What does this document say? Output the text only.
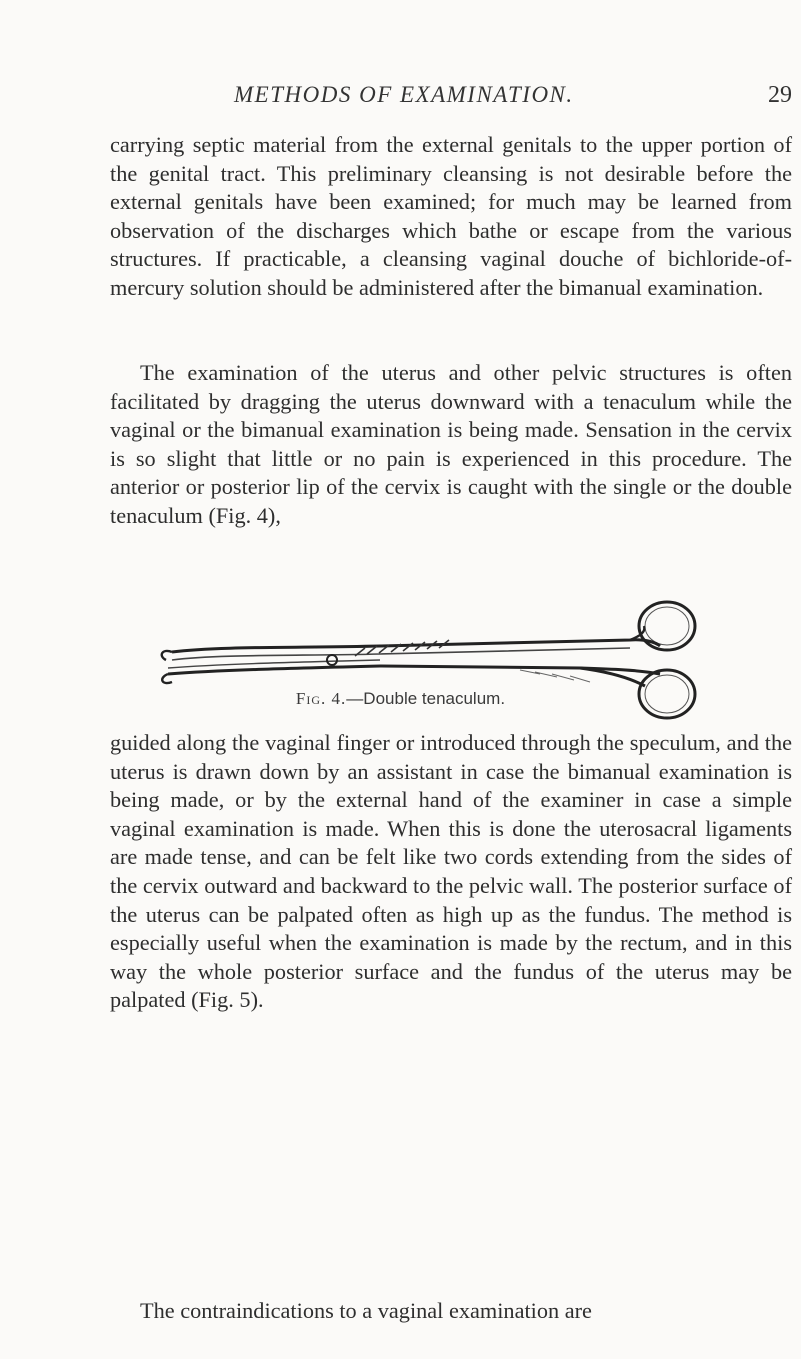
METHODS OF EXAMINATION.	29

carrying septic material from the external genitals to the upper portion of the genital tract. This preliminary cleansing is not desirable before the external genitals have been examined; for much may be learned from observation of the discharges which bathe or escape from the various structures. If practicable, a cleansing vaginal douche of bichloride-of-mercury solution should be administered after the bimanual examination.

The examination of the uterus and other pelvic structures is often facilitated by dragging the uterus downward with a tenaculum while the vaginal or the bimanual examination is being made. Sensation in the cervix is so slight that little or no pain is experienced in this procedure. The anterior or posterior lip of the cervix is caught with the single or the double tenaculum (Fig. 4),

Fig. 4.—Double tenaculum.

guided along the vaginal finger or introduced through the speculum, and the uterus is drawn down by an assistant in case the bimanual examination is being made, or by the external hand of the examiner in case a simple vaginal examination is made. When this is done the uterosacral ligaments are made tense, and can be felt like two cords extending from the sides of the cervix outward and backward to the pelvic wall. The posterior surface of the uterus can be palpated often as high up as the fundus. The method is especially useful when the examination is made by the rectum, and in this way the whole posterior surface and the fundus of the uterus may be palpated (Fig. 5).

The contraindications to a vaginal examination are
